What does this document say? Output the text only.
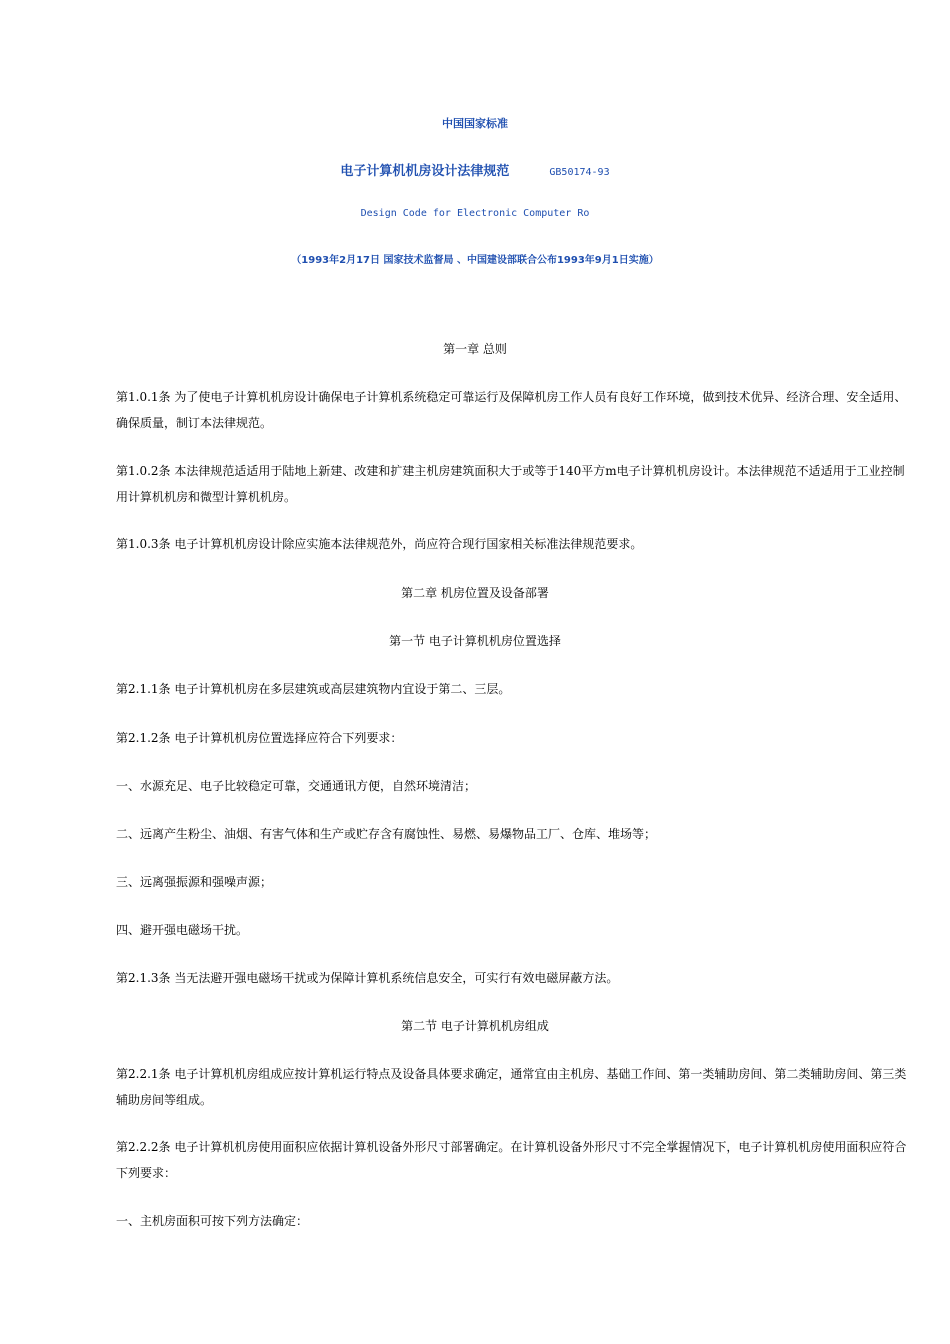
中国国家标准
电子计算机机房设计法律规范	GB50174-93
Design Code for Electronic Computer Ro
（1993年2月17日 国家技术监督局 、中国建设部联合公布1993年9月1日实施）
第一章 总则

第1.0.1条 为了使电子计算机机房设计确保电子计算机系统稳定可靠运行及保障机房工作人员有良好工作环境，做到技术优异、经济合理、安全适用、确保质量，制订本法律规范。

第1.0.2条 本法律规范适适用于陆地上新建、改建和扩建主机房建筑面积大于或等于140平方m电子计算机机房设计。本法律规范不适适用于工业控制用计算机机房和微型计算机机房。

第1.0.3条 电子计算机机房设计除应实施本法律规范外，尚应符合现行国家相关标准法律规范要求。

第二章 机房位置及设备部署
第一节 电子计算机机房位置选择

第2.1.1条 电子计算机机房在多层建筑或高层建筑物内宜设于第二、三层。

第2.1.2条 电子计算机机房位置选择应符合下列要求：

一、水源充足、电子比较稳定可靠，交通通讯方便，自然环境清洁；

二、远离产生粉尘、油烟、有害气体和生产或贮存含有腐蚀性、易燃、易爆物品工厂、仓库、堆场等；

三、远离强振源和强噪声源；

四、避开强电磁场干扰。

第2.1.3条 当无法避开强电磁场干扰或为保障计算机系统信息安全，可实行有效电磁屏蔽方法。

第二节 电子计算机机房组成

第2.2.1条 电子计算机机房组成应按计算机运行特点及设备具体要求确定，通常宜由主机房、基础工作间、第一类辅助房间、第二类辅助房间、第三类辅助房间等组成。

第2.2.2条 电子计算机机房使用面积应依据计算机设备外形尺寸部署确定。在计算机设备外形尺寸不完全掌握情况下，电子计算机机房使用面积应符合下列要求：

一、主机房面积可按下列方法确定：
